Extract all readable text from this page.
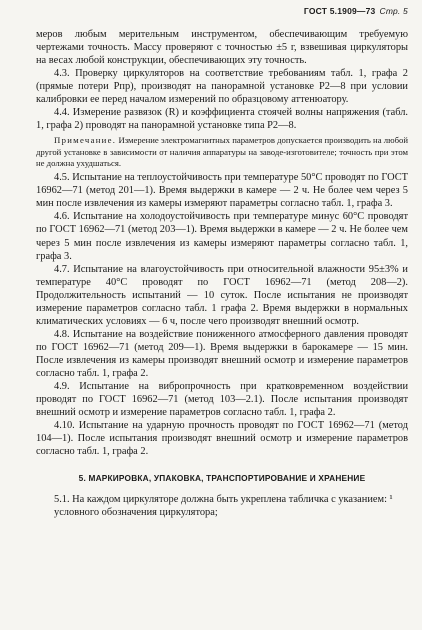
ГОСТ 5.1909—73 Стр. 5

меров любым мерительным инструментом, обеспечивающим требуемую чертежами точность. Массу проверяют с точностью ±5 г, взвешивая циркуляторы на весах любой конструкции, обеспечивающих эту точность.

4.3. Проверку циркуляторов на соответствие требованиям табл. 1, графа 2 (прямые потери Pпр), производят на панорамной установке Р2—8 при условии калибровки ее перед началом измерений по образцовому аттенюатору.

4.4. Измерение развязок (R) и коэффициента стоячей волны напряжения (табл. 1, графа 2) проводят на панорамной установке типа Р2—8.

Примечание. Измерение электромагнитных параметров допускается производить на любой другой установке в зависимости от наличия аппаратуры на заводе-изготовителе; точность при этом не должна ухудшаться.

4.5. Испытание на теплоустойчивость при температуре 50°С проводят по ГОСТ 16962—71 (метод 201—1). Время выдержки в камере — 2 ч. Не более чем через 5 мин после извлечения из камеры измеряют параметры согласно табл. 1, графа 3.

4.6. Испытание на холодоустойчивость при температуре минус 60°С проводят по ГОСТ 16962—71 (метод 203—1). Время выдержки в камере — 2 ч. Не более чем через 5 мин после извлечения из камеры измеряют параметры согласно табл. 1, графа 3.

4.7. Испытание на влагоустойчивость при относительной влажности 95±3% и температуре 40°С проводят по ГОСТ 16962—71 (метод 208—2). Продолжительность испытаний — 10 суток. После испытания не производят измерение параметров согласно табл. 1 графа 2. Время выдержки в нормальных климатических условиях — 6 ч, после чего производят внешний осмотр.

4.8. Испытание на воздействие пониженного атмосферного давления проводят по ГОСТ 16962—71 (метод 209—1). Время выдержки в барокамере — 15 мин. После извлечения из камеры производят внешний осмотр и измерение параметров согласно табл. 1, графа 2.

4.9. Испытание на вибропрочность при кратковременном воздействии проводят по ГОСТ 16962—71 (метод 103—2.1). После испытания производят внешний осмотр и измерение параметров согласно табл. 1, графа 2.

4.10. Испытание на ударную прочность проводят по ГОСТ 16962—71 (метод 104—1). После испытания производят внешний осмотр и измерение параметров согласно табл. 1, графа 2.

5. МАРКИРОВКА, УПАКОВКА, ТРАНСПОРТИРОВАНИЕ И ХРАНЕНИЕ

5.1. На каждом циркуляторе должна быть укреплена табличка с указанием: ¹

условного обозначения циркулятора;
